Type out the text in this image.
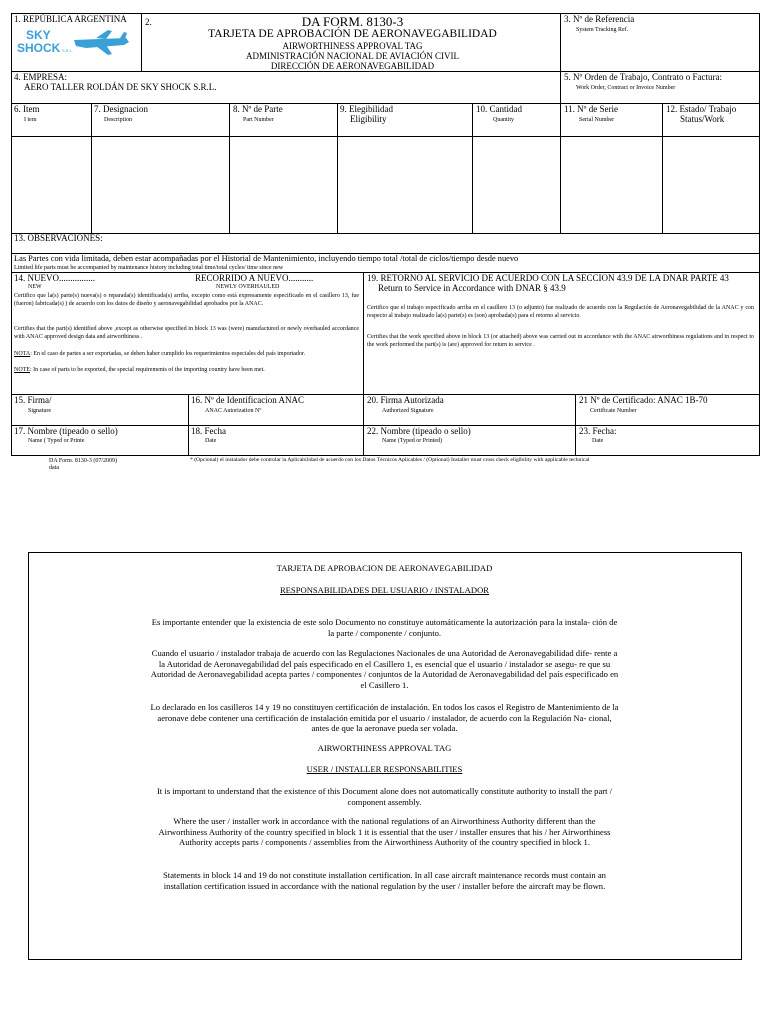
1. REPÚBLICA ARGENTINA
SKY
SHOCK S.R.L.
2.	DA FORM. 8130-3
TARJETA DE APROBACIÓN DE AERONAVEGABILIDAD
AIRWORTHINESS APPROVAL TAG
ADMINISTRACIÓN NACIONAL DE AVIACIÓN CIVIL
DIRECCIÓN DE AERONAVEGABILIDAD
3. Nº de Referencia
System Tracking Ref.
4. EMPRESA:
AERO TALLER ROLDÁN DE SKY SHOCK S.R.L.
5. Nº Orden de Trabajo, Contrato o Factura:
Work Order, Contract or Invoice Number
6. Item
I tem
7. Designacion
Description
8. Nº de Parte
Part Number
9. Elegibilidad
Eligibility
10. Cantidad
Quantity
11. Nº de Serie
Serial Number
12. Estado/ Trabajo
Status/Work
13. OBSERVACIONES:
Las Partes con vida limitada, deben estar acompañadas por el Historial de Mantenimiento, incluyendo tiempo total /total de ciclos/tiempo desde nuevo
Limited life parts must be accompanied by maintenance history including total time/total cycles/ time since new
14. NUEVO................
NEW
RECORRIDO A NUEVO...........
NEWLY OVERHAULED
Certifico que la(s) parte(s) nueva(s) o reparada(s) identificada(s) arriba, excepto como está expresamente especificado en el casillero 13, fue (fueron) fabricada(s) ) de acuerdo con los datos de diseño y aeronavegabilidad aprobados por la ANAC.
Certifies that the part(s) identified above ,except as otherwise specified in block 13 was (were) manufactured or newly overhauled accordance with ANAC approved design data and airworthiness .
NOTA: En el caso de partes a ser exportadas, se deben haber cumplido los requerimientos especiales del país importador.
NOTE: In case of parts to be exported, the special requirements of the importing country have been met.
19. RETORNO AL SERVICIO DE ACUERDO CON LA SECCION 43.9 DE LA DNAR PARTE 43
Return to Service in Accordance with DNAR § 43.9
Certifico que el trabajo especificado arriba en el casillero 13 (o adjunto) fue realizado de acuerdo con la Regulación de Aeronavegabilidad de la ANAC y con respecto al trabajo realizado la(s) parte(s) es (son) aprobada(s) para el retorno al servicio.
Certifies that the work specified above in block 13 (or attached) above was carried out in accordance with the ANAC airworthiness regulations and in respect to the work performed the part(s) is (are) approved for return to service .
15. Firma/
Signature
16. Nº de Identificacion ANAC
ANAC Autorization Nº
20. Firma Autorizada
Authorized Signature
21 Nº de Certificado: ANAC 1B-70
Certificate Number
17. Nombre (tipeado o sello)
Name ( Typed or Printe
18. Fecha
Date
22. Nombre (tipeado o sello)
Name (Typed or Printed)
23. Fecha:
Date
DA Form. 8130-3 (07/2009)
data
* (Opcional) el instalador debe controlar la Aplicabilidad de acuerdo con los Datos Técnicos Aplicables / (Optional) Installer must cross check eligibility with applicable technical
TARJETA DE APROBACION DE AERONAVEGABILIDAD
RESPONSABILIDADES DEL USUARIO / INSTALADOR

Es importante entender que la existencia de este solo Documento no constituye automáticamente la autorización para la instala- ción de la parte / componente / conjunto.

Cuando el usuario / instalador trabaja de acuerdo con las Regulaciones Nacionales de una Autoridad de Aeronavegabilidad dife- rente a la Autoridad de Aeronavegabilidad del país especificado en el Casillero 1, es esencial que el usuario / instalador se asegu- re que su Autoridad de Aeronavegabilidad acepta partes / componentes / conjuntos de la Autoridad de Aeronavegabilidad del país especificado en el Casillero 1.

Lo declarado en los casilleros 14 y 19 no constituyen certificación de instalación. En todos los casos el Registro de Mantenimiento de la aeronave debe contener una certificación de instalación emitida por el usuario / instalador, de acuerdo con la Regulación Na- cional, antes de que la aeronave pueda ser volada.

AIRWORTHINESS APPROVAL TAG
USER / INSTALLER RESPONSABILITIES

It is important to understand that the existence of this Document alone does not automatically constitute authority to install the part / component assembly.

Where the user / installer work in accordance with the national regulations of an Airworthiness Authority different than the Airworthiness Authority of the country specified in block 1 it is essential that the user / installer ensures that his / her Airworthiness Authority accepts parts / components / assemblies from the Airworthiness Authority of the country specified in block 1.

Statements in block 14 and 19 do not constitute installation certification. In all case aircraft maintenance records must contain an installation certification issued in accordance with the national regulation by the user / installer before the aircraft may be flown.
